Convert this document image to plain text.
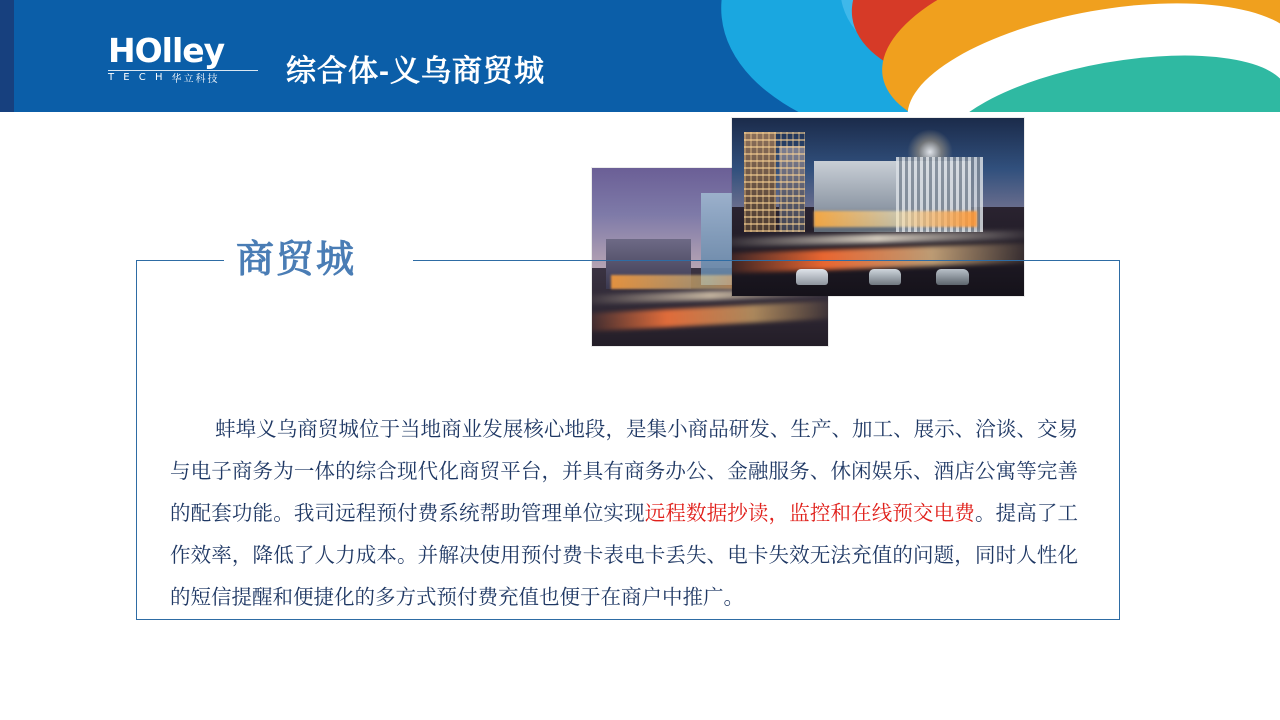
HOlley
T E C H 华立科技 综合体-义乌商贸城
商贸城

蚌埠义乌商贸城位于当地商业发展核心地段，是集小商品研发、生产、加工、展示、洽谈、交易与电子商务为一体的综合现代化商贸平台，并具有商务办公、金融服务、休闲娱乐、酒店公寓等完善的配套功能。我司远程预付费系统帮助管理单位实现远程数据抄读，监控和在线预交电费。提高了工作效率，降低了人力成本。并解决使用预付费卡表电卡丢失、电卡失效无法充值的问题，同时人性化的短信提醒和便捷化的多方式预付费充值也便于在商户中推广。
